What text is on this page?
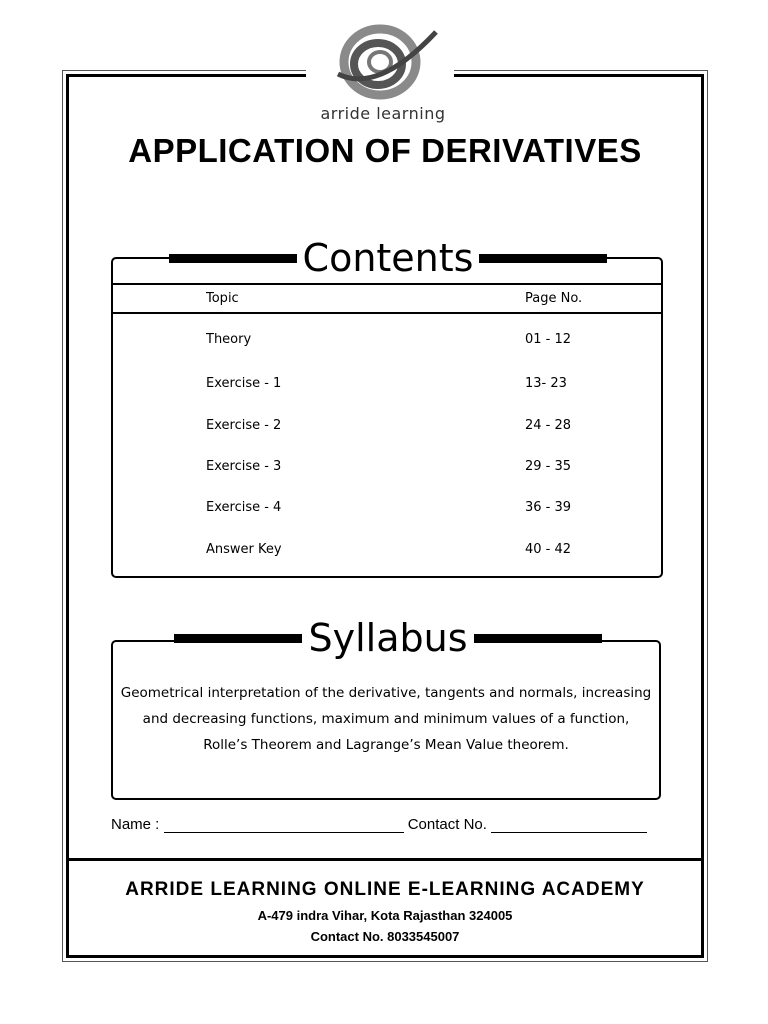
arride learning
APPLICATION OF DERIVATIVES
Contents
Topic	Page No.
Theory	01 - 12
Exercise - 1	13- 23
Exercise - 2	24 - 28
Exercise - 3	29 - 35
Exercise - 4	36 - 39
Answer Key	40 - 42
Syllabus
Geometrical interpretation of the derivative, tangents and normals, increasing
and decreasing functions, maximum and minimum values of a function,
Rolle’s Theorem and Lagrange’s Mean Value theorem.
Name :	Contact No.
ARRIDE LEARNING ONLINE E-LEARNING ACADEMY
A-479 indra Vihar, Kota Rajasthan 324005
Contact No. 8033545007
